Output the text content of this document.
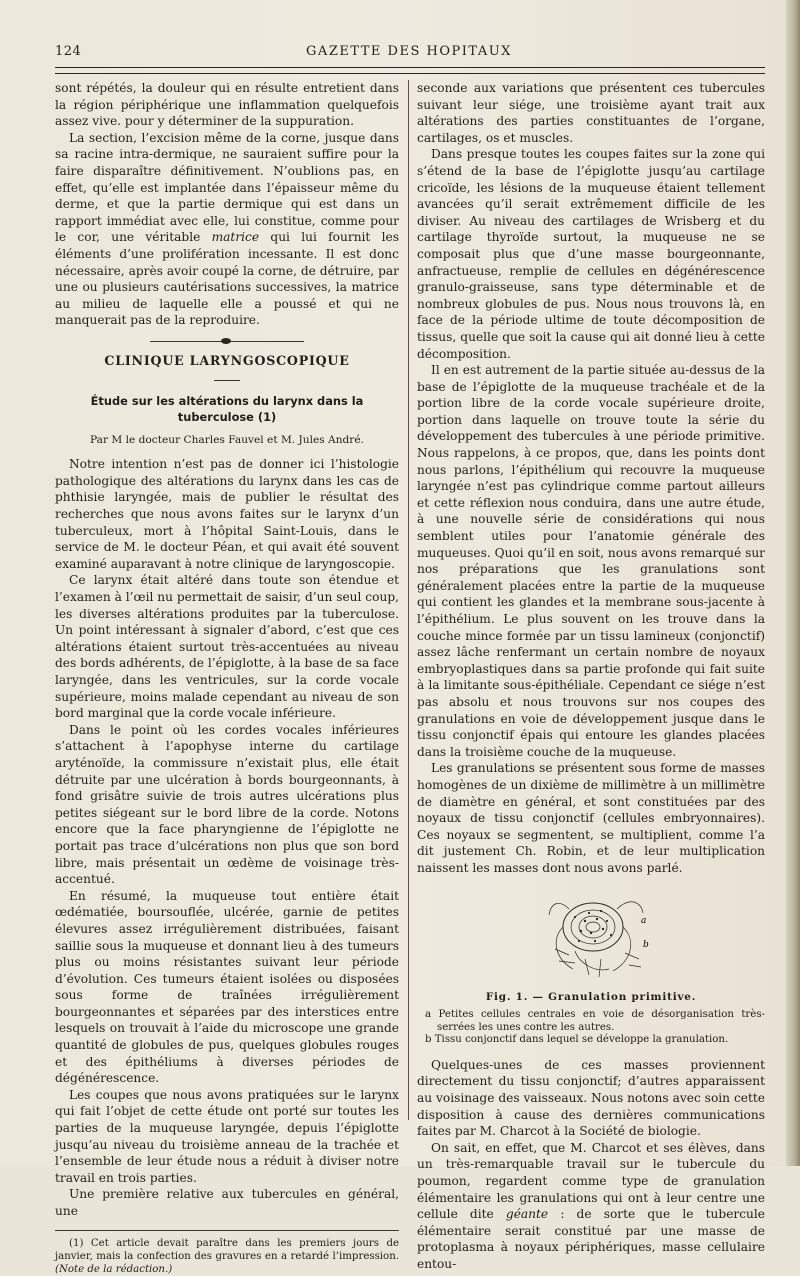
124	GAZETTE DES HOPITAUX

sont répétés, la douleur qui en résulte entretient dans la région périphérique une inflammation quelquefois assez vive. pour y déterminer de la suppuration.

La section, l’excision même de la corne, jusque dans sa racine intra-dermique, ne sauraient suffire pour la faire disparaître définitivement. N’oublions pas, en effet, qu’elle est implantée dans l’épaisseur même du derme, et que la partie dermique qui est dans un rapport immédiat avec elle, lui constitue, comme pour le cor, une véritable matrice qui lui fournit les éléments d’une prolifération incessante. Il est donc nécessaire, après avoir coupé la corne, de détruire, par une ou plusieurs cautérisations successives, la matrice au milieu de laquelle elle a poussé et qui ne manquerait pas de la reproduire.

CLINIQUE LARYNGOSCOPIQUE
Étude sur les altérations du larynx dans la tuberculose (1)
Par M le docteur Charles Fauvel et M. Jules André.

Notre intention n’est pas de donner ici l’histologie pathologique des altérations du larynx dans les cas de phthisie laryngée, mais de publier le résultat des recherches que nous avons faites sur le larynx d’un tuberculeux, mort à l’hôpital Saint-Louis, dans le service de M. le docteur Péan, et qui avait été souvent examiné auparavant à notre clinique de laryngoscopie.

Ce larynx était altéré dans toute son étendue et l’examen à l’œil nu permettait de saisir, d’un seul coup, les diverses altérations produites par la tuberculose. Un point intéressant à signaler d’abord, c’est que ces altérations étaient surtout très-accentuées au niveau des bords adhérents, de l’épiglotte, à la base de sa face laryngée, dans les ventricules, sur la corde vocale supérieure, moins malade cependant au niveau de son bord marginal que la corde vocale inférieure.

Dans le point où les cordes vocales inférieures s’attachent à l’apophyse interne du cartilage aryténoïde, la commissure n’existait plus, elle était détruite par une ulcération à bords bourgeonnants, à fond grisâtre suivie de trois autres ulcérations plus petites siégeant sur le bord libre de la corde. Notons encore que la face pharyngienne de l’épiglotte ne portait pas trace d’ulcérations non plus que son bord libre, mais présentait un œdème de voisinage très-accentué.

En résumé, la muqueuse tout entière était œdématiée, boursouflée, ulcérée, garnie de petites élevures assez irrégulièrement distribuées, faisant saillie sous la muqueuse et donnant lieu à des tumeurs plus ou moins résistantes suivant leur période d’évolution. Ces tumeurs étaient isolées ou disposées sous forme de traînées irrégulièrement bourgeonnantes et séparées par des interstices entre lesquels on trouvait à l’aide du microscope une grande quantité de globules de pus, quelques globules rouges et des épithéliums à diverses périodes de dégénérescence.

Les coupes que nous avons pratiquées sur le larynx qui fait l’objet de cette étude ont porté sur toutes les parties de la muqueuse laryngée, depuis l’épiglotte jusqu’au niveau du troisième anneau de la trachée et l’ensemble de leur étude nous a réduit à diviser notre travail en trois parties.

Une première relative aux tubercules en général, une

(1) Cet article devait paraître dans les premiers jours de janvier, mais la confection des gravures en a retardé l’impression. (Note de la rédaction.)

seconde aux variations que présentent ces tubercules suivant leur siége, une troisième ayant trait aux altérations des parties constituantes de l’organe, cartilages, os et muscles.

Dans presque toutes les coupes faites sur la zone qui s’étend de la base de l’épiglotte jusqu’au cartilage cricoïde, les lésions de la muqueuse étaient tellement avancées qu’il serait extrêmement difficile de les diviser. Au niveau des cartilages de Wrisberg et du cartilage thyroïde surtout, la muqueuse ne se composait plus que d’une masse bourgeonnante, anfractueuse, remplie de cellules en dégénérescence granulo-graisseuse, sans type déterminable et de nombreux globules de pus. Nous nous trouvons là, en face de la période ultime de toute décomposition de tissus, quelle que soit la cause qui ait donné lieu à cette décomposition.

Il en est autrement de la partie située au-dessus de la base de l’épiglotte de la muqueuse trachéale et de la portion libre de la corde vocale supérieure droite, portion dans laquelle on trouve toute la série du développement des tubercules à une période primitive. Nous rappelons, à ce propos, que, dans les points dont nous parlons, l’épithélium qui recouvre la muqueuse laryngée n’est pas cylindrique comme partout ailleurs et cette réflexion nous conduira, dans une autre étude, à une nouvelle série de considérations qui nous semblent utiles pour l’anatomie générale des muqueuses. Quoi qu’il en soit, nous avons remarqué sur nos préparations que les granulations sont généralement placées entre la partie de la muqueuse qui contient les glandes et la membrane sous-jacente à l’épithélium. Le plus souvent on les trouve dans la couche mince formée par un tissu lamineux (conjonctif) assez lâche renfermant un certain nombre de noyaux embryoplastiques dans sa partie profonde qui fait suite à la limitante sous-épithéliale. Cependant ce siége n’est pas absolu et nous trouvons sur nos coupes des granulations en voie de développement jusque dans le tissu conjonctif épais qui entoure les glandes placées dans la troisième couche de la muqueuse.

Les granulations se présentent sous forme de masses homogènes de un dixième de millimètre à un millimètre de diamètre en général, et sont constituées par des noyaux de tissu conjonctif (cellules embryonnaires). Ces noyaux se segmentent, se multiplient, comme l’a dit justement Ch. Robin, et de leur multiplication naissent les masses dont nous avons parlé.

a
b
Fig. 1. — Granulation primitive.
a Petites cellules centrales en voie de désorganisation très-serrées les unes contre les autres.
b Tissu conjonctif dans lequel se développe la granulation.

Quelques-unes de ces masses proviennent directement du tissu conjonctif; d’autres apparaissent au voisinage des vaisseaux. Nous notons avec soin cette disposition à cause des dernières communications faites par M. Charcot à la Société de biologie.

On sait, en effet, que M. Charcot et ses élèves, dans un très-remarquable travail sur le tubercule du poumon, regardent comme type de granulation élémentaire les granulations qui ont à leur centre une cellule dite géante : de sorte que le tubercule élémentaire serait constitué par une masse de protoplasma à noyaux périphériques, masse cellulaire entou-
